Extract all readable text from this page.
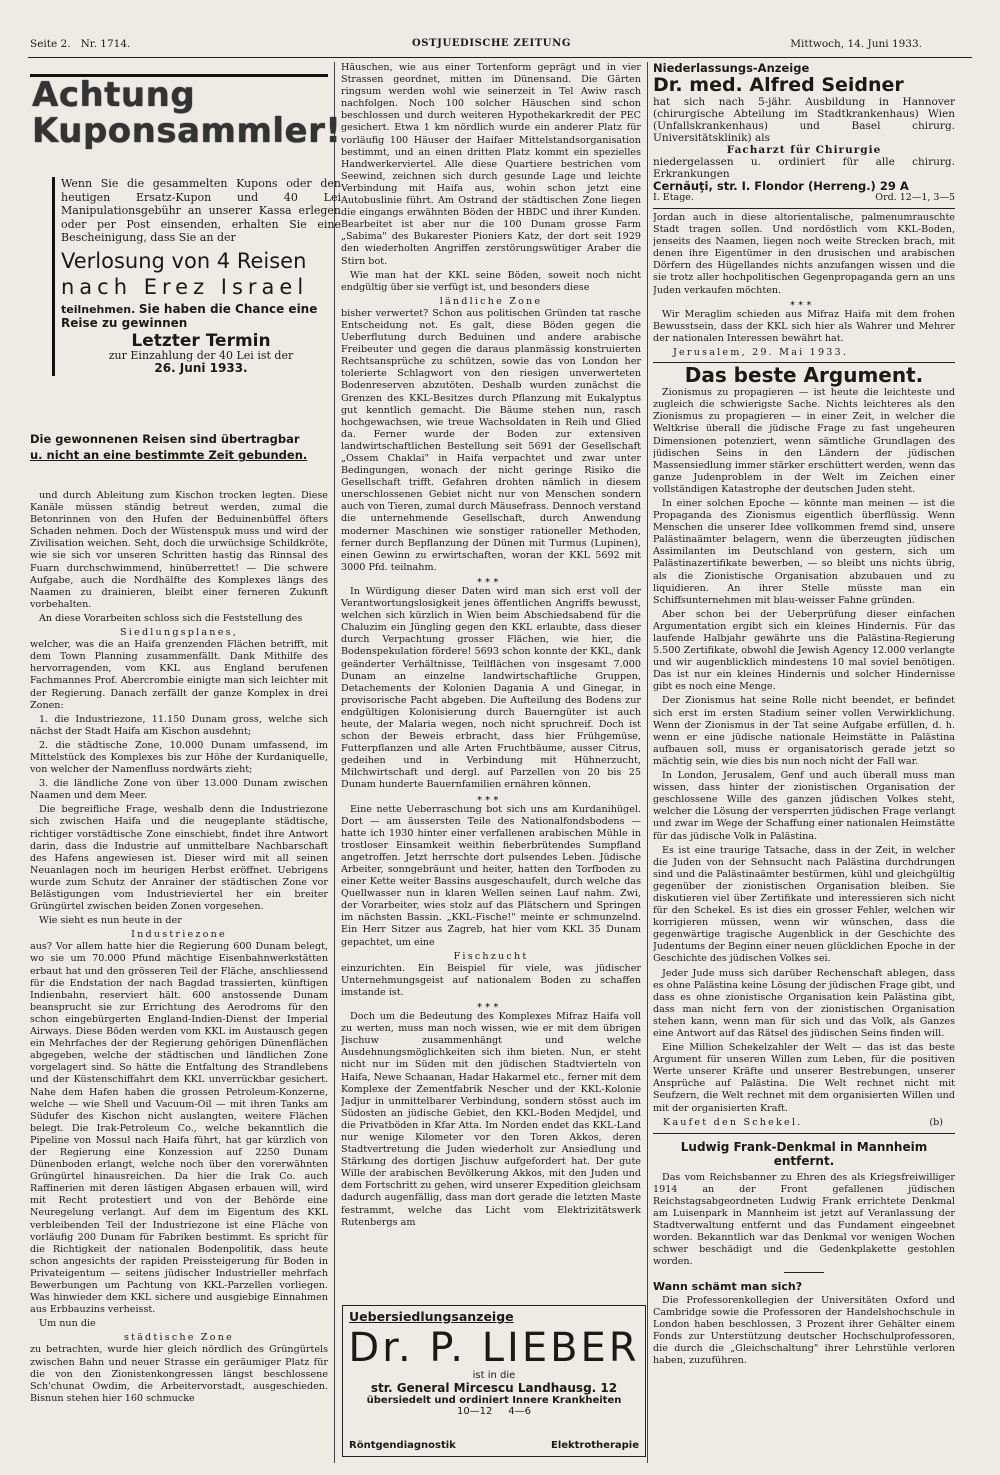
Seite 2. Nr. 1714.	OSTJUEDISCHE ZEITUNG	Mittwoch, 14. Juni 1933.
Achtung
Kuponsammler!
Wenn Sie die gesammelten Kupons oder den heutigen Ersatz-Kupon und 40 Lei Manipulationsgebühr an unserer Kassa erlegen oder per Post einsenden, erhalten Sie eine Bescheinigung, dass Sie an der
Verlosung von 4 Reisen
nach Erez Israel
teilnehmen. Sie haben die Chance eine Reise zu gewinnen
Letzter Termin
zur Einzahlung der 40 Lei ist der
26. Juni 1933.
Die gewonnenen Reisen sind übertragbar
u. nicht an eine bestimmte Zeit gebunden.

und durch Ableitung zum Kischon trocken legten. Diese Kanäle müssen ständig betreut werden, zumal die Betonrinnen von den Hufen der Beduinenbüffel öfters Schaden nehmen. Doch der Wüstenspuk muss und wird der Zivilisation weichen. Seht, doch die urwüchsige Schildkröte, wie sie sich vor unseren Schritten hastig das Rinnsal des Fuarn durchschwimmend, hinüberrettet! — Die schwere Aufgabe, auch die Nordhälfte des Komplexes längs des Naamen zu drainieren, bleibt einer ferneren Zukunft vorbehalten.

An diese Vorarbeiten schloss sich die Feststellung des

Siedlungsplanes,

welcher, was die an Haifa grenzenden Flächen betrifft, mit dem Town Planning zusammenfällt. Dank Mithilfe des hervorragenden, vom KKL aus England berufenen Fachmannes Prof. Abercrombie einigte man sich leichter mit der Regierung. Danach zerfällt der ganze Komplex in drei Zonen:

1. die Industriezone, 11.150 Dunam gross, welche sich nächst der Stadt Haifa am Kischon ausdehnt;

2. die städtische Zone, 10.000 Dunam umfassend, im Mittelstück des Komplexes bis zur Höhe der Kurdaniquelle, von welcher der Namenfluss nordwärts zieht;

3. die ländliche Zone von über 13.000 Dunam zwischen Naamen und dem Meer.

Die begreifliche Frage, weshalb denn die Industriezone sich zwischen Haifa und die neugeplante städtische, richtiger vorstädtische Zone einschiebt, findet ihre Antwort darin, dass die Industrie auf unmittelbare Nachbarschaft des Hafens angewiesen ist. Dieser wird mit all seinen Neuanlagen noch im heurigen Herbst eröffnet. Uebrigens wurde zum Schutz der Anrainer der städtischen Zone vor Belästigungen vom Industrieviertel her ein breiter Grüngürtel zwischen beiden Zonen vorgesehen.

Wie sieht es nun heute in der

Industriezone

aus? Vor allem hatte hier die Regierung 600 Dunam belegt, wo sie um 70.000 Pfund mächtige Eisenbahnwerkstätten erbaut hat und den grösseren Teil der Fläche, anschliessend für die Endstation der nach Bagdad trassierten, künftigen Indienbahn, reserviert hält. 600 anstossende Dunam beansprucht sie zur Errichtung des Aerodroms für den schon eingebürgerten England-Indien-Dienst der Imperial Airways. Diese Böden werden vom KKL im Austausch gegen ein Mehrfaches der der Regierung gehörigen Dünenflächen abgegeben, welche der städtischen und ländlichen Zone vorgelagert sind. So hätte die Entfaltung des Strandlebens und der Küstenschiffahrt dem KKL unverrückbar gesichert. Nahe dem Hafen haben die grossen Petroleum-Konzerne, welche — wie Shell und Vacuum-Oil — mit ihren Tanks am Südufer des Kischon nicht auslangten, weitere Flächen belegt. Die Irak-Petroleum Co., welche bekanntlich die Pipeline von Mossul nach Haifa führt, hat gar kürzlich von der Regierung eine Konzession auf 2250 Dunam Dünenboden erlangt, welche noch über den vorerwähnten Grüngürtel hinausreichen. Da hier die Irak Co. auch Raffinerien mit deren lästigen Abgasen erbauen will, wird mit Recht protestiert und von der Behörde eine Neuregelung verlangt. Auf dem im Eigentum des KKL verbleibenden Teil der Industriezone ist eine Fläche von vorläufig 200 Dunam für Fabriken bestimmt. Es spricht für die Richtigkeit der nationalen Bodenpolitik, dass heute schon angesichts der rapiden Preissteigerung für Boden in Privateigentum — seitens jüdischer Industrieller mehrfach Bewerbungen um Pachtung von KKL-Parzellen vorliegen. Was hinwieder dem KKL sichere und ausgiebige Einnahmen aus Erbbauzins verheisst.

Um nun die

städtische Zone

zu betrachten, wurde hier gleich nördlich des Grüngürtels zwischen Bahn und neuer Strasse ein geräumiger Platz für die von den Zionistenkongressen längst beschlossene Sch'chunat Owdim, die Arbeitervorstadt, ausgeschieden. Bisnun stehen hier 160 schmucke

Häuschen, wie aus einer Tortenform geprägt und in vier Strassen geordnet, mitten im Dünensand. Die Gärten ringsum werden wohl wie seinerzeit in Tel Awiw rasch nachfolgen. Noch 100 solcher Häuschen sind schon beschlossen und durch weiteren Hypothekarkredit der PEC gesichert. Etwa 1 km nördlich wurde ein anderer Platz für vorläufig 100 Häuser der Haifaer Mittelstandsorganisation bestimmt, und an einen dritten Platz kommt ein spezielles Handwerkerviertel. Alle diese Quartiere bestrichen vom Seewind, zeichnen sich durch gesunde Lage und leichte Verbindung mit Haifa aus, wohin schon jetzt eine Autobuslinie führt. Am Ostrand der städtischen Zone liegen die eingangs erwähnten Böden der HBDC und ihrer Kunden. Bearbeitet ist aber nur die 100 Dunam grosse Farm „Sabima" des Bukarester Pioniers Katz, der dort seit 1929 den wiederholten Angriffen zerstörungswütiger Araber die Stirn bot.

Wie man hat der KKL seine Böden, soweit noch nicht endgültig über sie verfügt ist, und besonders diese

ländliche Zone

bisher verwertet? Schon aus politischen Gründen tat rasche Entscheidung not. Es galt, diese Böden gegen die Ueberflutung durch Beduinen und andere arabische Freibeuter und gegen die daraus planmässig konstruierten Rechtsansprüche zu schützen, sowie das von London her tolerierte Schlagwort von den riesigen unverwerteten Bodenreserven abzutöten. Deshalb wurden zunächst die Grenzen des KKL-Besitzes durch Pflanzung mit Eukalyptus gut kenntlich gemacht. Die Bäume stehen nun, rasch hochgewachsen, wie treue Wachsoldaten in Reih und Glied da. Ferner wurde der Boden zur extensiven landwirtschaftlichen Bestellung seit 5691 der Gesellschaft „Ossem Chaklai" in Haifa verpachtet und zwar unter Bedingungen, wonach der nicht geringe Risiko die Gesellschaft trifft. Gefahren drohten nämlich in diesem unerschlossenen Gebiet nicht nur von Menschen sondern auch von Tieren, zumal durch Mäusefrass. Dennoch verstand die unternehmende Gesellschaft, durch Anwendung moderner Maschinen wie sonstiger rationeller Methoden, ferner durch Bepflanzung der Dünen mit Turmus (Lupinen), einen Gewinn zu erwirtschaften, woran der KKL 5692 mit 3000 Pfd. teilnahm.

* * *

In Würdigung dieser Daten wird man sich erst voll der Verantwortungslosigkeit jenes öffentlichen Angriffs bewusst, welchen sich kürzlich in Wien beim Abschiedsabend für die Chaluzim ein Jüngling gegen den KKL erlaubte, dass dieser durch Verpachtung grosser Flächen, wie hier, die Bodenspekulation fördere! 5693 schon konnte der KKL, dank geänderter Verhältnisse, Teilflächen von insgesamt 7.000 Dunam an einzelne landwirtschaftliche Gruppen, Detachements der Kolonien Dagania A und Ginegar, in provisorische Pacht abgeben. Die Aufteilung des Bodens zur endgültigen Kolonisierung durch Bauerngüter ist auch heute, der Malaria wegen, noch nicht spruchreif. Doch ist schon der Beweis erbracht, dass hier Frühgemüse, Futterpflanzen und alle Arten Fruchtbäume, ausser Citrus, gedeihen und in Verbindung mit Hühnerzucht, Milchwirtschaft und dergl. auf Parzellen von 20 bis 25 Dunam hunderte Bauernfamilien ernähren können.

* * *

Eine nette Ueberraschung bot sich uns am Kurdanihügel. Dort — am äussersten Teile des Nationalfondsbodens — hatte ich 1930 hinter einer verfallenen arabischen Mühle in trostloser Einsamkeit weithin fieberbrütendes Sumpfland angetroffen. Jetzt herrschte dort pulsendes Leben. Jüdische Arbeiter, sonngebräunt und heiter, hatten den Torfboden zu einer Kette weiter Bassins ausgeschaufelt, durch welche das Quellwasser nun in klaren Wellen seinen Lauf nahm. Zwi, der Vorarbeiter, wies stolz auf das Plätschern und Springen im nächsten Bassin. „KKL-Fische!" meinte er schmunzelnd. Ein Herr Sitzer aus Zagreb, hat hier vom KKL 35 Dunam gepachtet, um eine

Fischzucht

einzurichten. Ein Beispiel für viele, was jüdischer Unternehmungsgeist auf nationalem Boden zu schaffen imstande ist.

* * *

Doch um die Bedeutung des Komplexes Mifraz Haifa voll zu werten, muss man noch wissen, wie er mit dem übrigen Jischuw zusammenhängt und welche Ausdehnungsmöglichkeiten sich ihm bieten. Nun, er steht nicht nur im Süden mit den jüdischen Stadtvierteln von Haifa, Newe Schaanan, Hadar Hakarmel etc., ferner mit dem Komplexe der Zementfabrik Nescher und der KKL-Kolonie Jadjur in unmittelbarer Verbindung, sondern stösst auch im Südosten an jüdische Gebiet, den KKL-Boden Medjdel, und die Privatböden in Kfar Atta. Im Norden endet das KKL-Land nur wenige Kilometer vor den Toren Akkos, deren Stadtvertretung die Juden wiederholt zur Ansiedlung und Stärkung des dortigen Jischuw aufgefordert hat. Der gute Wille der arabischen Bevölkerung Akkos, mit den Juden und dem Fortschritt zu gehen, wird unserer Expedition gleichsam dadurch augenfällig, dass man dort gerade die letzten Maste festrammt, welche das Licht vom Elektrizitätswerk Rutenbergs am

Uebersiedlungsanzeige
Dr. P. LIEBER
ist in die
str. General Mircescu Landhausg. 12
übersiedelt und ordiniert Innere Krankheiten
10—12     4—6
Röntgendiagnostik	Elektrotherapie
Niederlassungs-Anzeige
Dr. med. Alfred Seidner
hat sich nach 5-jähr. Ausbildung in Hannover (chirurgische Abteilung im Stadtkrankenhaus) Wien (Unfallskrankenhaus) und Basel chirurg. Universitätsklinik) als
Facharzt für Chirurgie
niedergelassen u. ordiniert für alle chirurg. Erkrankungen
Cernăuţi, str. I. Flondor (Herreng.) 29 A
I. Etage.	Ord. 12—1, 3—5

Jordan auch in diese altorientalische, palmenumrauschte Stadt tragen sollen. Und nordöstlich vom KKL-Boden, jenseits des Naamen, liegen noch weite Strecken brach, mit denen ihre Eigentümer in den drusischen und arabischen Dörfern des Hügellandes nichts anzufangen wissen und die sie trotz aller hochpolitischen Gegenpropaganda gern an uns Juden verkaufen möchten.

* * *

Wir Meraglim schieden aus Mifraz Haifa mit dem frohen Bewusstsein, dass der KKL sich hier als Wahrer und Mehrer der nationalen Interessen bewährt hat.

Jerusalem, 29. Mai 1933.

Das beste Argument.

Zionismus zu propagieren — ist heute die leichteste und zugleich die schwierigste Sache. Nichts leichteres als den Zionismus zu propagieren — in einer Zeit, in welcher die Weltkrise überall die jüdische Frage zu fast ungeheuren Dimensionen potenziert, wenn sämtliche Grundlagen des jüdischen Seins in den Ländern der jüdischen Massensiedlung immer stärker erschüttert werden, wenn das ganze Judenproblem in der Welt im Zeichen einer vollständigen Katastrophe der deutschen Juden steht.

In einer solchen Epoche — könnte man meinen — ist die Propaganda des Zionismus eigentlich überflüssig. Wenn Menschen die unserer Idee vollkommen fremd sind, unsere Palästinaämter belagern, wenn die überzeugten jüdischen Assimilanten im Deutschland von gestern, sich um Palästinazertifikate bewerben, — so bleibt uns nichts übrig, als die Zionistische Organisation abzubauen und zu liquidieren. An ihrer Stelle müsste man ein Schiffsunternehmen mit blau-weisser Fahne gründen.

Aber schon bei der Ueberprüfung dieser einfachen Argumentation ergibt sich ein kleines Hindernis. Für das laufende Halbjahr gewährte uns die Palästina-Regierung 5.500 Zertifikate, obwohl die Jewish Agency 12.000 verlangte und wir augenblicklich mindestens 10 mal soviel benötigen. Das ist nur ein kleines Hindernis und solcher Hindernisse gibt es noch eine Menge.

Der Zionismus hat seine Rolle nicht beendet, er befindet sich erst im ersten Stadium seiner vollen Verwirklichung. Wenn der Zionismus in der Tat seine Aufgabe erfüllen, d. h. wenn er eine jüdische nationale Heimstätte in Palästina aufbauen soll, muss er organisatorisch gerade jetzt so mächtig sein, wie dies bis nun noch nicht der Fall war.

In London, Jerusalem, Genf und auch überall muss man wissen, dass hinter der zionistischen Organisation der geschlossene Wille des ganzen jüdischen Volkes steht, welcher die Lösung der versperrten jüdischen Frage verlangt und zwar im Wege der Schaffung einer nationalen Heimstätte für das jüdische Volk in Palästina.

Es ist eine traurige Tatsache, dass in der Zeit, in welcher die Juden von der Sehnsucht nach Palästina durchdrungen sind und die Palästinaämter bestürmen, kühl und gleichgültig gegenüber der zionistischen Organisation bleiben. Sie diskutieren viel über Zertifikate und interessieren sich nicht für den Schekel. Es ist dies ein grosser Fehler, welchen wir korrigieren müssen, wenn wir wünschen, dass die gegenwärtige tragische Augenblick in der Geschichte des Judentums der Beginn einer neuen glücklichen Epoche in der Geschichte des jüdischen Volkes sei.

Jeder Jude muss sich darüber Rechenschaft ablegen, dass es ohne Palästina keine Lösung der jüdischen Frage gibt, und dass es ohne zionistische Organisation kein Palästina gibt, dass man nicht fern von der zionistischen Organisation stehen kann, wenn man für sich und das Volk, als Ganzes eine Antwort auf das Rätsel des jüdischen Seins finden will.

Eine Million Schekelzahler der Welt — das ist das beste Argument für unseren Willen zum Leben, für die positiven Werte unserer Kräfte und unserer Bestrebungen, unserer Ansprüche auf Palästina. Die Welt rechnet nicht mit Seufzern, die Welt rechnet mit dem organisierten Willen und mit der organisierten Kraft.

Kaufet den Schekel.	(b)
Ludwig Frank-Denkmal in Mannheim
entfernt.

Das vom Reichsbanner zu Ehren des als Kriegsfreiwilliger 1914 an der Front gefallenen jüdischen Reichstagsabgeordneten Ludwig Frank errichtete Denkmal am Luisenpark in Mannheim ist jetzt auf Veranlassung der Stadtverwaltung entfernt und das Fundament eingeebnet worden. Bekanntlich war das Denkmal vor wenigen Wochen schwer beschädigt und die Gedenkplakette gestohlen worden.

Wann schämt man sich?

Die Professorenkollegien der Universitäten Oxford und Cambridge sowie die Professoren der Handelshochschule in London haben beschlossen, 3 Prozent ihrer Gehälter einem Fonds zur Unterstützung deutscher Hochschulprofessoren, die durch die „Gleichschaltung" ihrer Lehrstühle verloren haben, zuzuführen.
